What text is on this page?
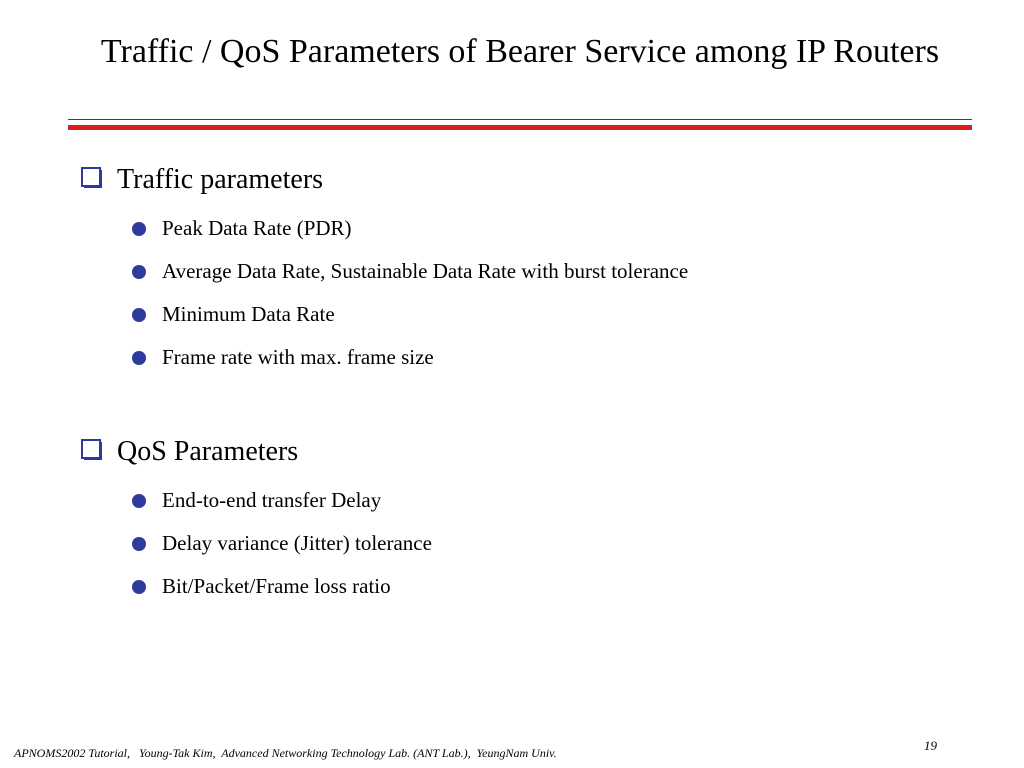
Traffic / QoS Parameters of Bearer Service among IP Routers
Traffic parameters
Peak Data Rate (PDR)
Average Data Rate, Sustainable Data Rate with burst tolerance
Minimum Data Rate
Frame rate with max. frame size
QoS Parameters
End-to-end transfer Delay
Delay variance (Jitter) tolerance
Bit/Packet/Frame loss ratio
19
APNOMS2002 Tutorial,   Young-Tak Kim,  Advanced Networking Technology Lab. (ANT Lab.),  YeungNam Univ.
